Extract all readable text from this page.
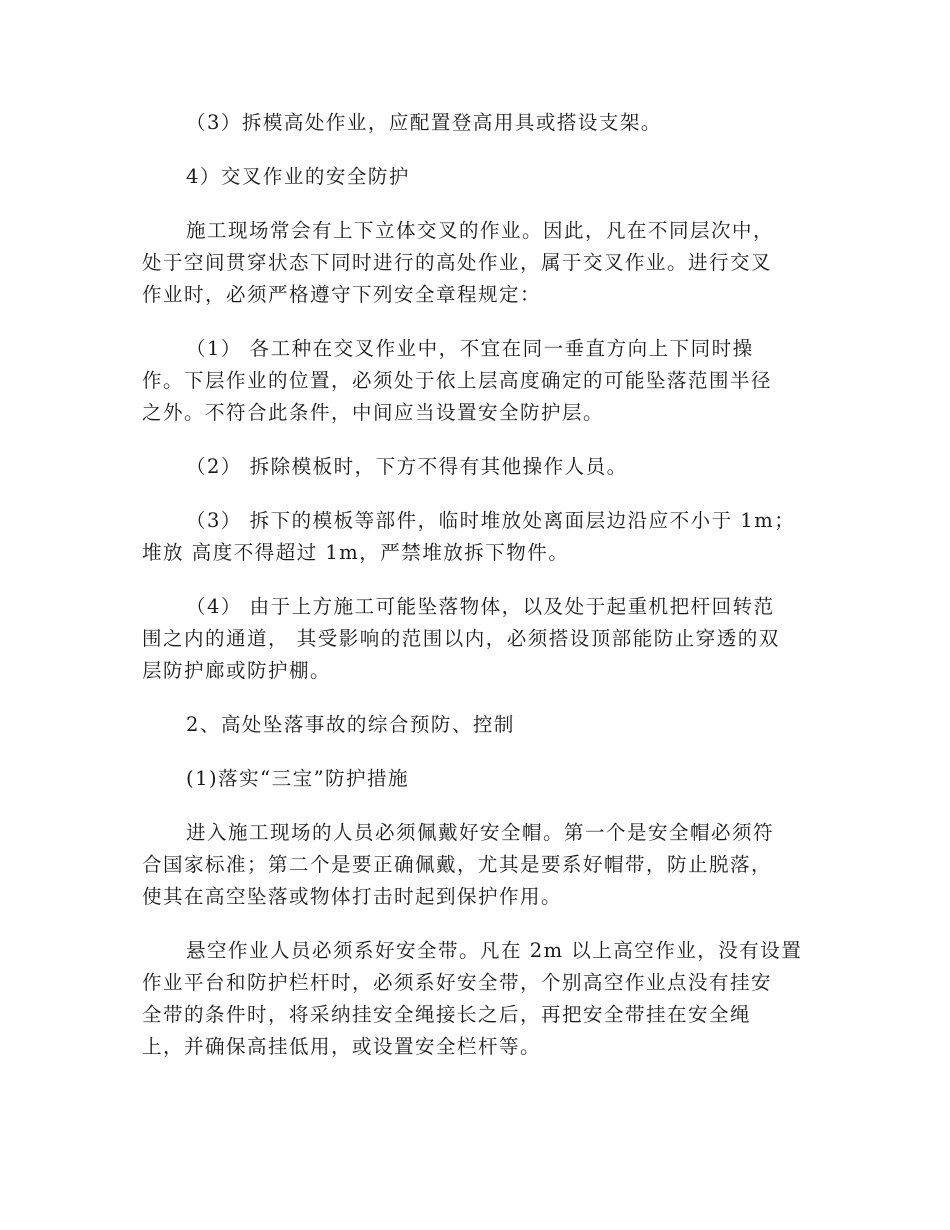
（3）拆模高处作业，应配置登高用具或搭设支架。

4）交叉作业的安全防护

施工现场常会有上下立体交叉的作业。因此，凡在不同层次中，
处于空间贯穿状态下同时进行的高处作业，属于交叉作业。进行交叉
作业时，必须严格遵守下列安全章程规定：

（1） 各工种在交叉作业中，不宜在同一垂直方向上下同时操
作。下层作业的位置，必须处于依上层高度确定的可能坠落范围半径
之外。不符合此条件，中间应当设置安全防护层。

（2） 拆除模板时，下方不得有其他操作人员。

（3） 拆下的模板等部件，临时堆放处离面层边沿应不小于 1m；
堆放 高度不得超过 1m，严禁堆放拆下物件。

（4） 由于上方施工可能坠落物体，以及处于起重机把杆回转范
围之内的通道， 其受影响的范围以内，必须搭设顶部能防止穿透的双
层防护廊或防护棚。

2、高处坠落事故的综合预防、控制

(1)落实“三宝”防护措施

进入施工现场的人员必须佩戴好安全帽。第一个是安全帽必须符
合国家标准；第二个是要正确佩戴，尤其是要系好帽带，防止脱落，
使其在高空坠落或物体打击时起到保护作用。

悬空作业人员必须系好安全带。凡在 2m 以上高空作业，没有设置
作业平台和防护栏杆时，必须系好安全带，个别高空作业点没有挂安
全带的条件时，将采纳挂安全绳接长之后，再把安全带挂在安全绳
上，并确保高挂低用，或设置安全栏杆等。
